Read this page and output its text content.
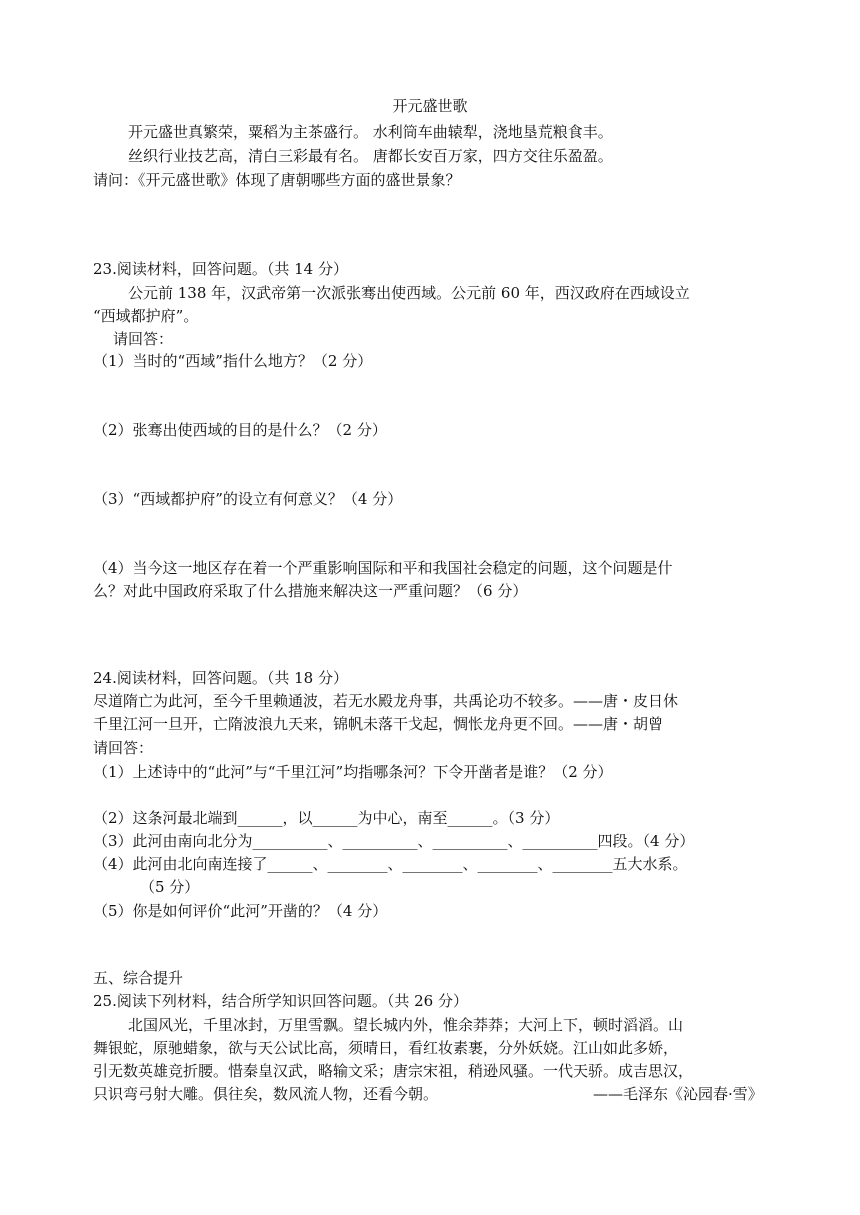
开元盛世歌
开元盛世真繁荣，粟稻为主茶盛行。 水利筒车曲辕犁，浇地垦荒粮食丰。
丝织行业技艺高，清白三彩最有名。 唐都长安百万家，四方交往乐盈盈。
请问：《开元盛世歌》体现了唐朝哪些方面的盛世景象？
23.阅读材料，回答问题。（共 14 分）
公元前 138 年，汉武帝第一次派张骞出使西域。公元前 60 年，西汉政府在西域设立
“西域都护府”。
请回答：
（1）当时的“西域”指什么地方？（2 分）
（2）张骞出使西域的目的是什么？（2 分）
（3）“西域都护府”的设立有何意义？（4 分）
（4）当今这一地区存在着一个严重影响国际和平和我国社会稳定的问题，这个问题是什
么？对此中国政府采取了什么措施来解决这一严重问题？（6 分）
24.阅读材料，回答问题。（共 18 分）
尽道隋亡为此河，至今千里赖通波，若无水殿龙舟事，共禹论功不较多。——唐・皮日休
千里江河一旦开，亡隋波浪九天来，锦帆未落干戈起，惆怅龙舟更不回。——唐・胡曾
请回答：
（1）上述诗中的“此河”与“千里江河”均指哪条河？下令开凿者是谁？（2 分）
（2）这条河最北端到______，以______为中心，南至______。（3 分）
（3）此河由南向北分为__________、__________、__________、__________四段。（4 分）
（4）此河由北向南连接了______、________、________、________、________五大水系。
（5 分）
（5）你是如何评价“此河”开凿的？（4 分）
五、综合提升
25.阅读下列材料，结合所学知识回答问题。（共 26 分）
北国风光，千里冰封，万里雪飘。望长城内外，惟余莽莽；大河上下，顿时滔滔。山
舞银蛇，原驰蜡象，欲与天公试比高，须晴日，看红妆素裹，分外妖娆。江山如此多娇，
引无数英雄竞折腰。惜秦皇汉武，略输文采；唐宗宋祖，稍逊风骚。一代天骄。成吉思汉，
只识弯弓射大雕。俱往矣，数风流人物，还看今朝。	——毛泽东《沁园春·雪》
